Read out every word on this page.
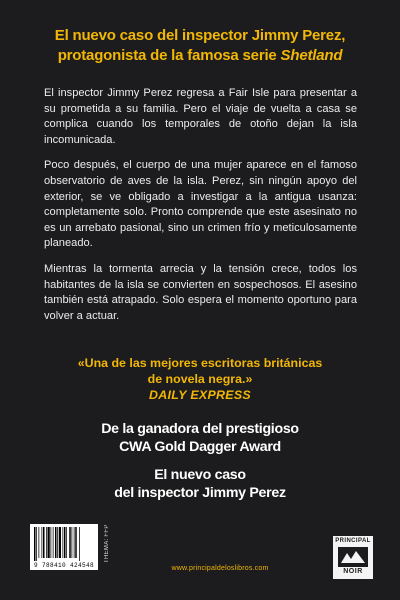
El nuevo caso del inspector Jimmy Perez,
protagonista de la famosa serie Shetland

El inspector Jimmy Perez regresa a Fair Isle para presentar a su prometida a su familia. Pero el viaje de vuelta a casa se complica cuando los temporales de otoño dejan la isla incomunicada.

Poco después, el cuerpo de una mujer aparece en el famoso observatorio de aves de la isla. Perez, sin ningún apoyo del exterior, se ve obligado a investigar a la antigua usanza: completamente solo. Pronto comprende que este asesinato no es un arrebato pasional, sino un crimen frío y meticulosamente planeado.

Mientras la tormenta arrecia y la tensión crece, todos los habitantes de la isla se convierten en sospechosos. El asesino también está atrapado. Solo espera el momento oportuno para volver a actuar.

«Una de las mejores escritoras británicas
de novela negra.»
DAILY EXPRESS
De la ganadora del prestigioso
CWA Gold Dagger Award
El nuevo caso
del inspector Jimmy Perez
9 788410 424548
THEMA: FFP
www.principaldeloslibros.com
PRINCIPAL
NOIR
